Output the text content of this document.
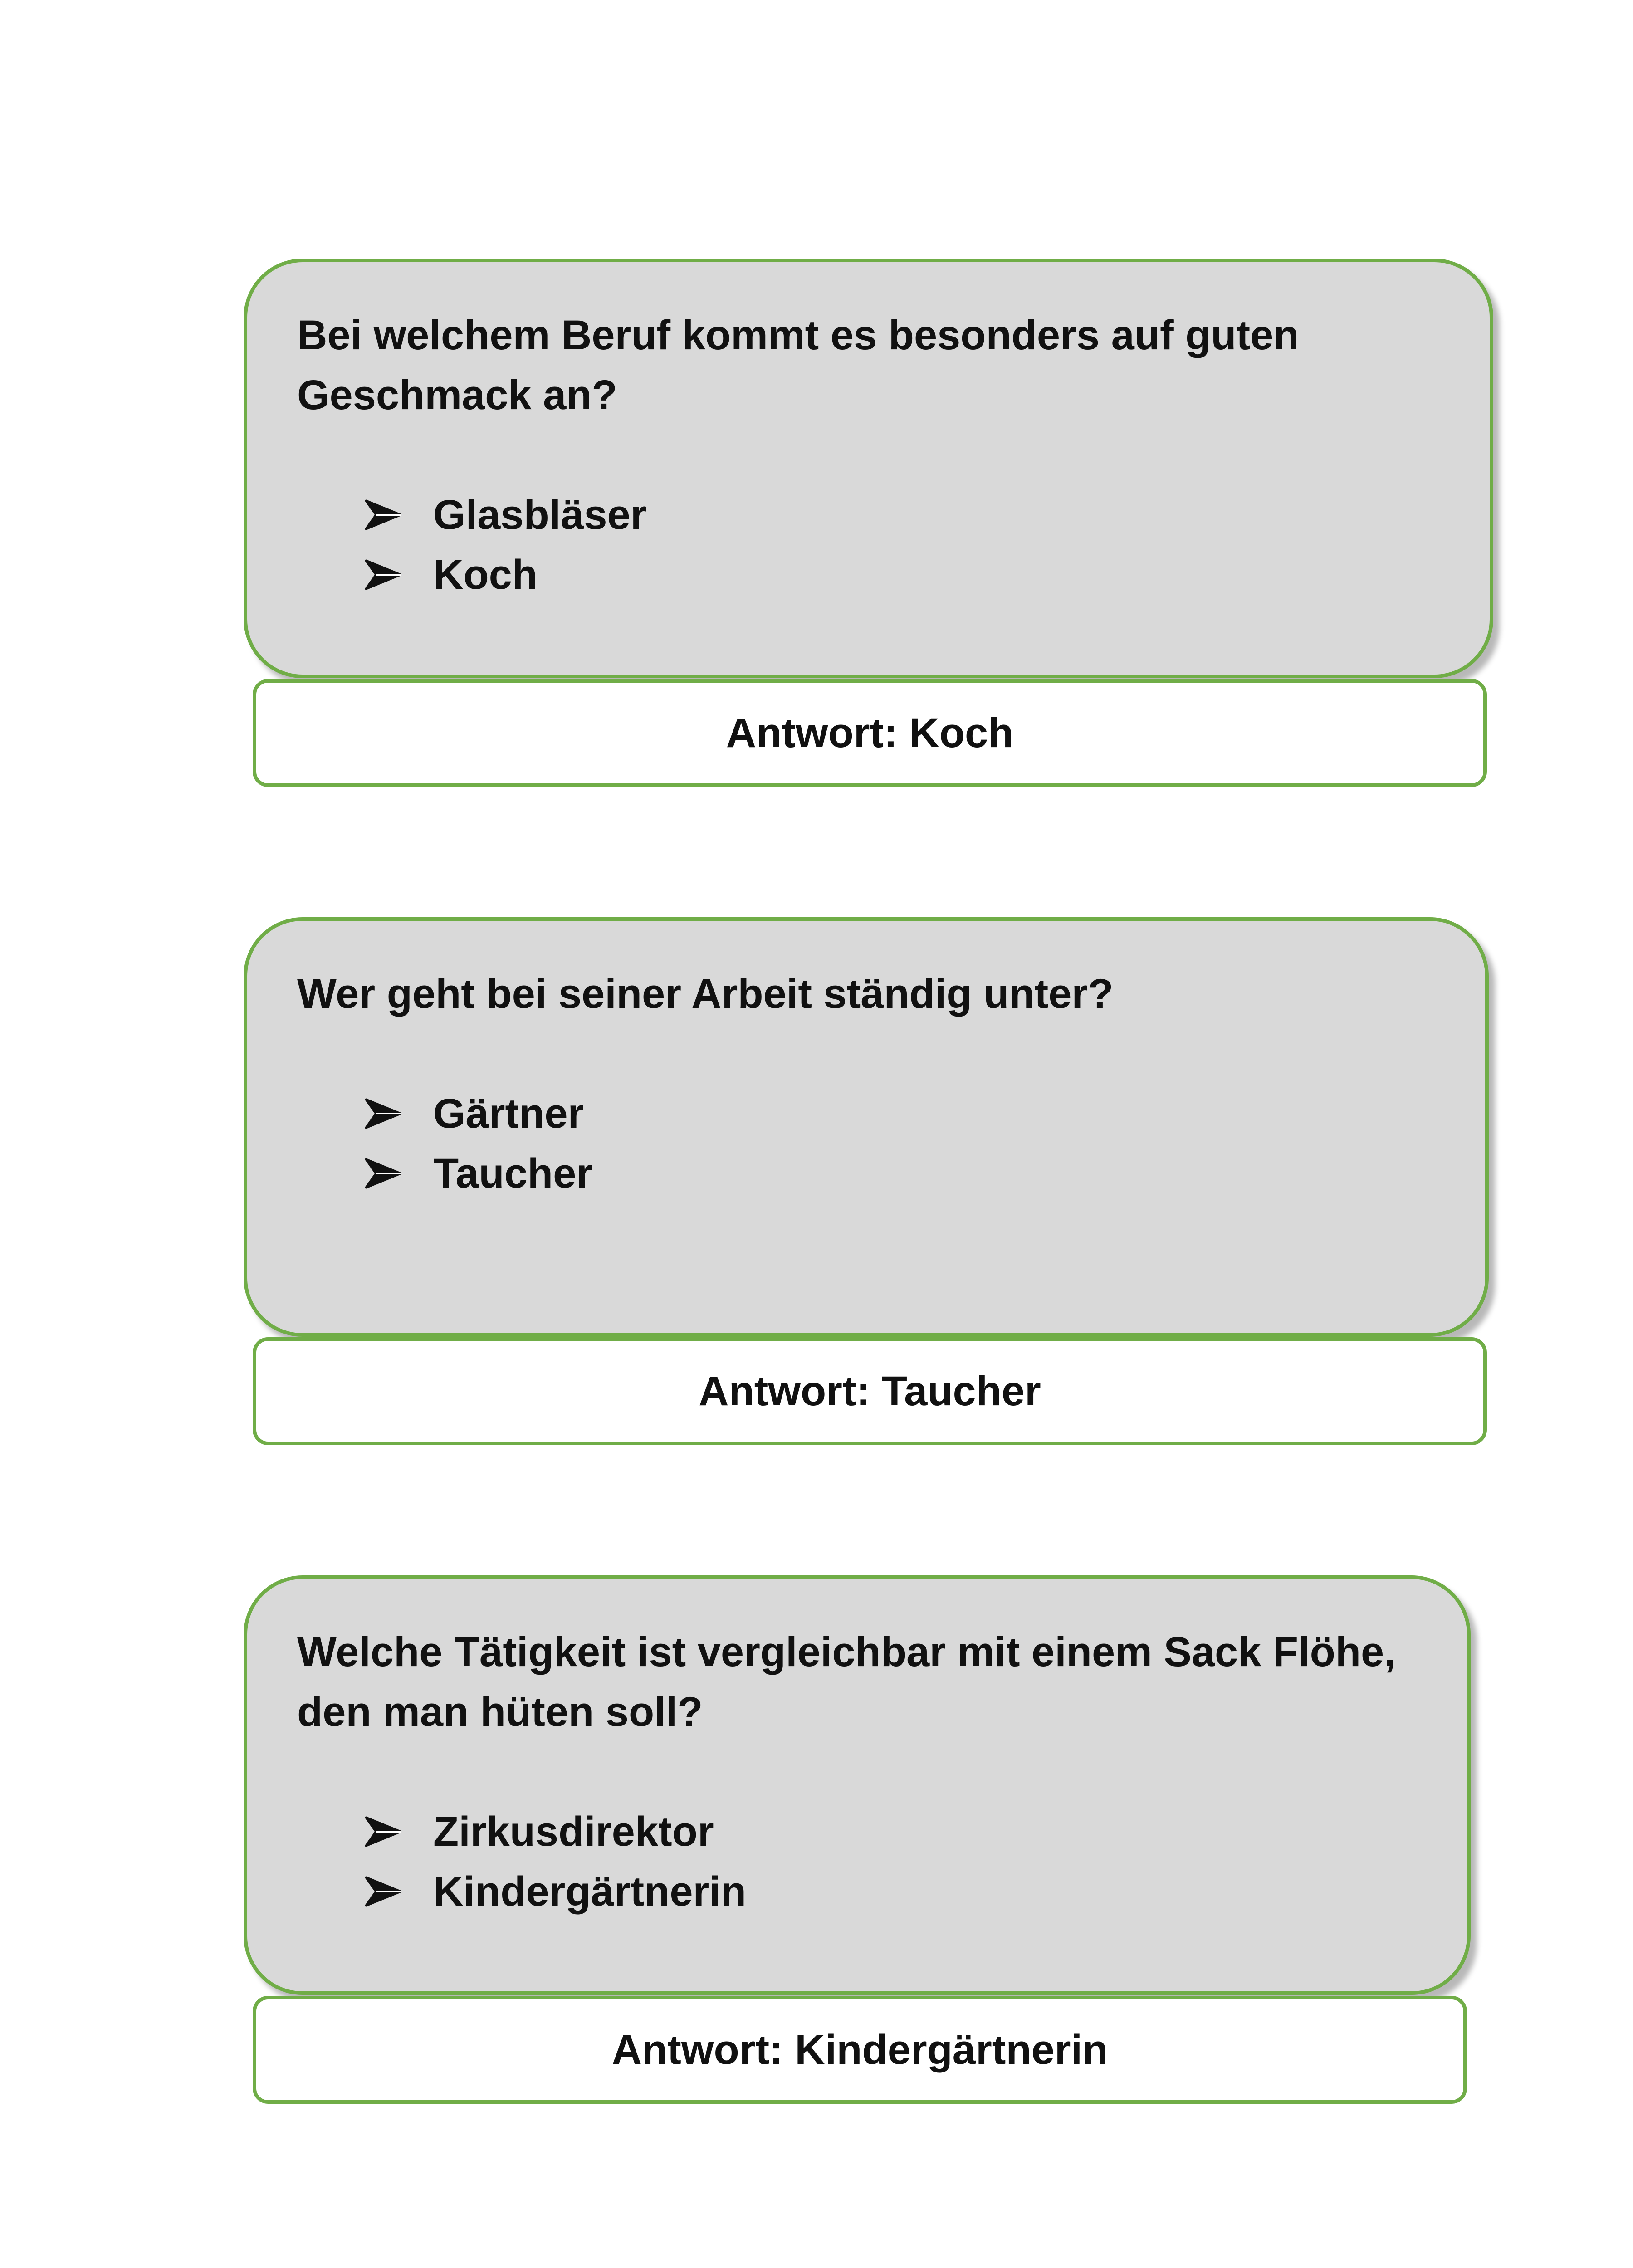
Bei welchem Beruf kommt es besonders auf guten Geschmack an?

Glasbläser
Koch
Antwort: Koch

Wer geht bei seiner Arbeit ständig unter?

Gärtner
Taucher
Antwort: Taucher

Welche Tätigkeit ist vergleichbar mit einem Sack Flöhe, den man hüten soll?

Zirkusdirektor
Kindergärtnerin
Antwort: Kindergärtnerin
